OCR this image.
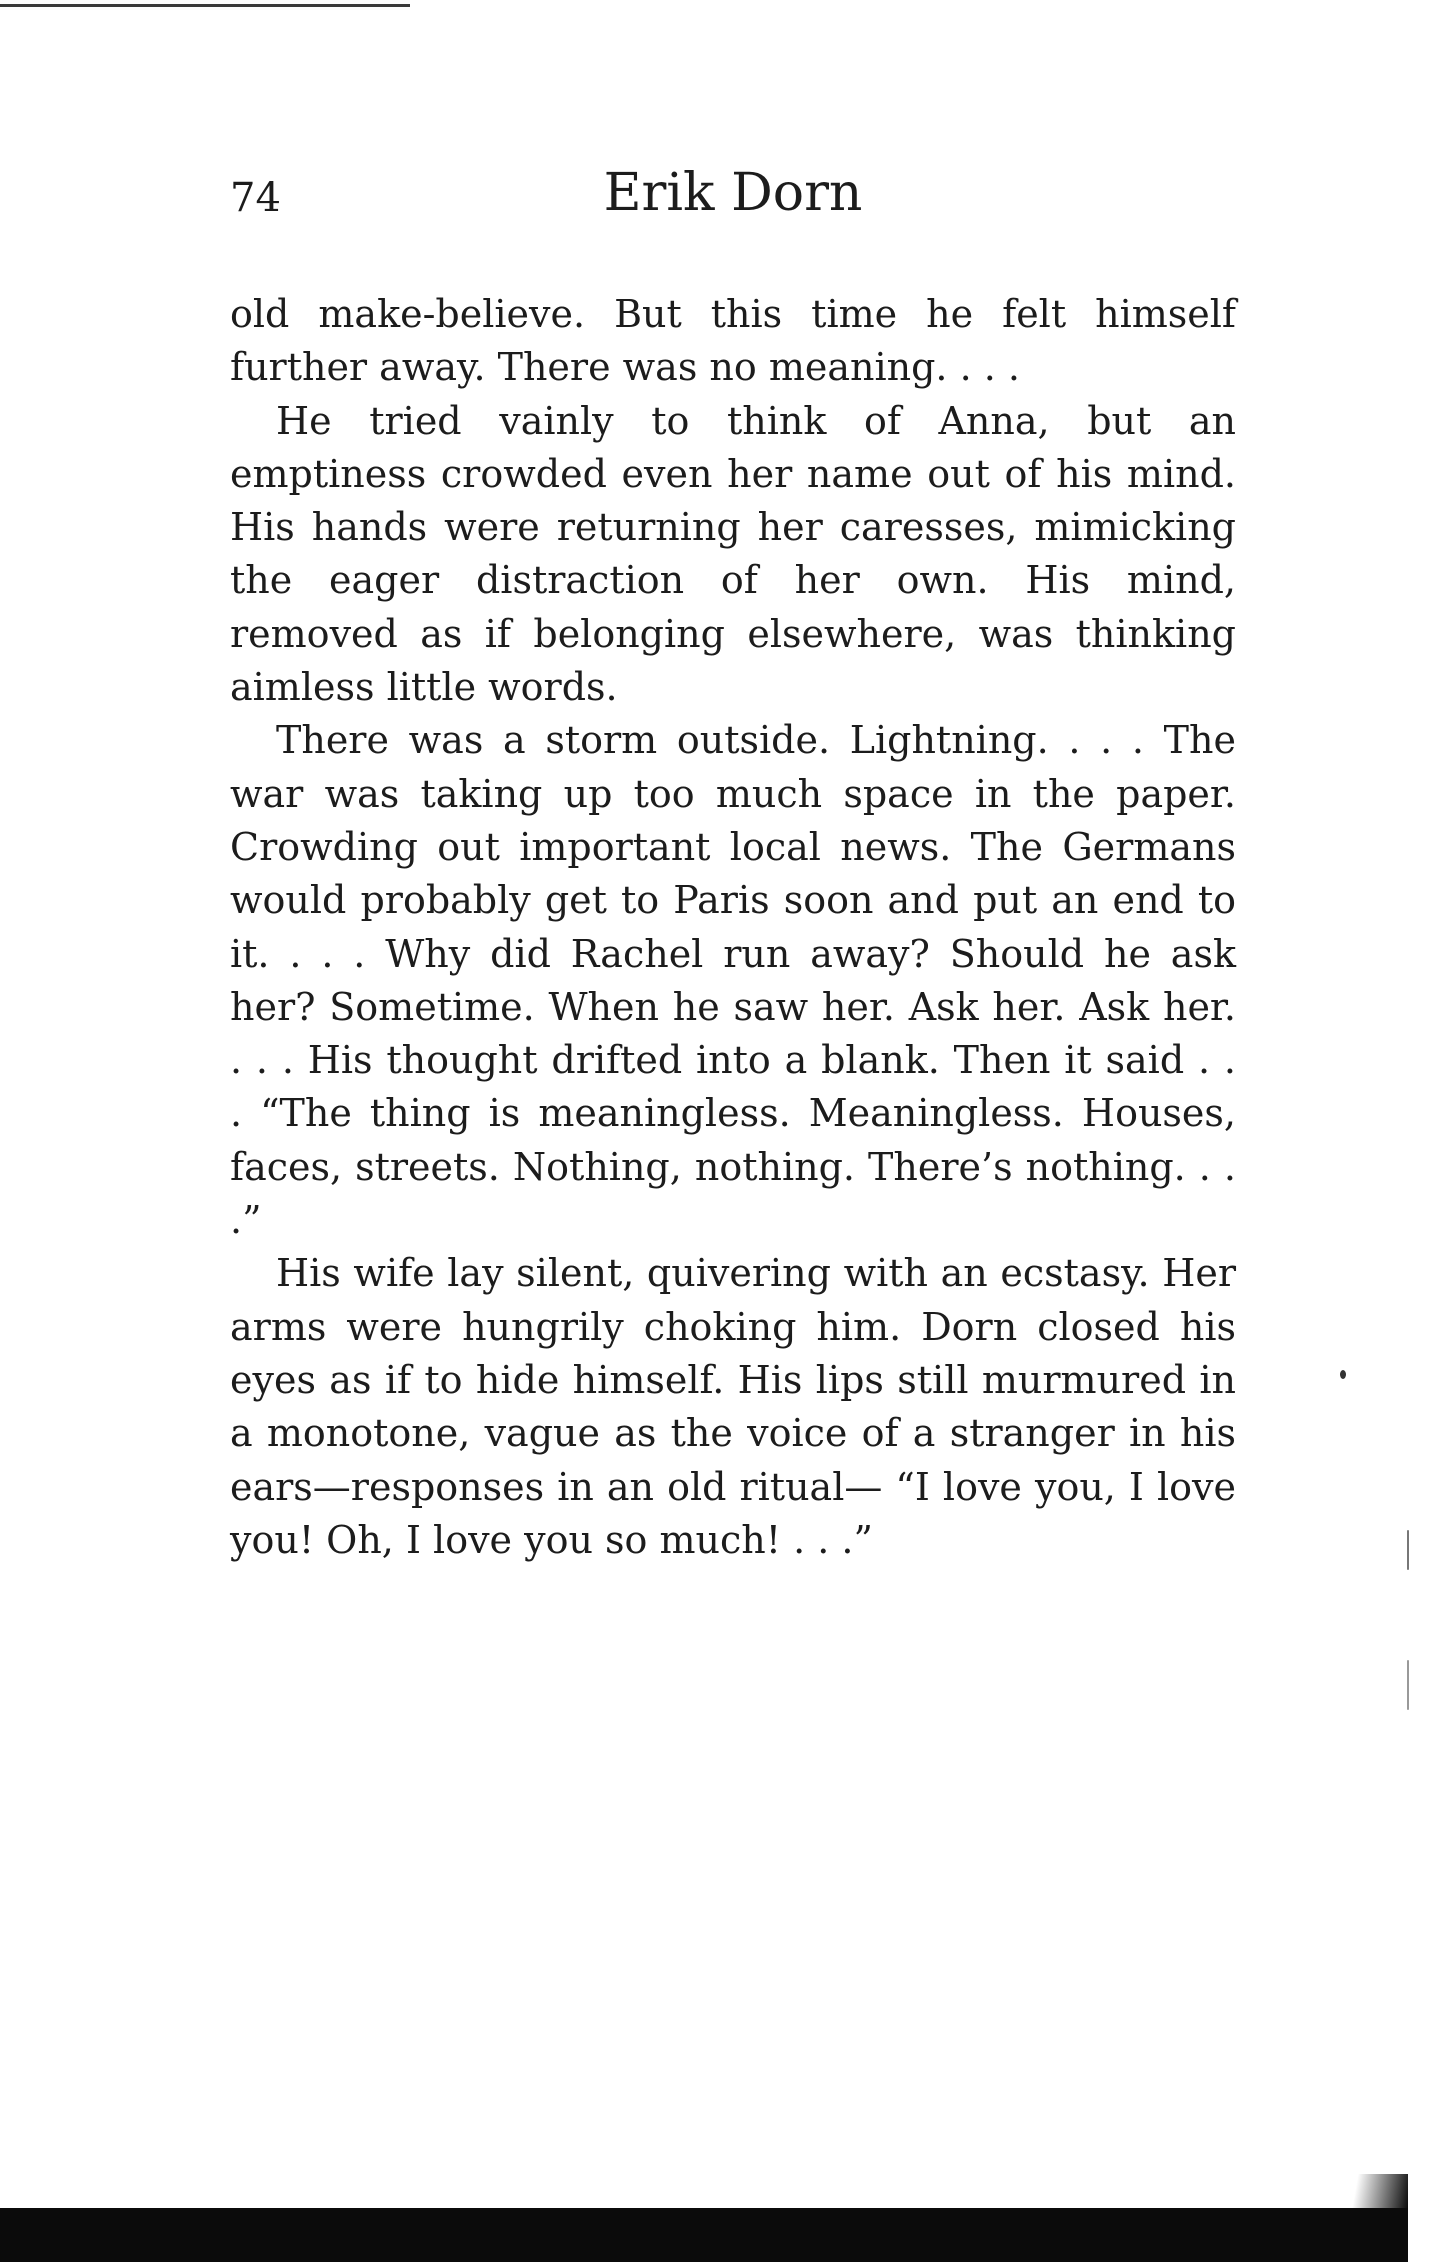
74	Erik Dorn

old make-believe. But this time he felt himself further away. There was no meaning. . . .

He tried vainly to think of Anna, but an emptiness crowded even her name out of his mind. His hands were returning her caresses, mimicking the eager distraction of her own. His mind, removed as if belonging elsewhere, was thinking aimless little words.

There was a storm outside. Lightning. . . . The war was taking up too much space in the paper. Crowding out important local news. The Germans would probably get to Paris soon and put an end to it. . . . Why did Rachel run away? Should he ask her? Sometime. When he saw her. Ask her. Ask her. . . . His thought drifted into a blank. Then it said . . . “The thing is meaningless. Meaningless. Houses, faces, streets. Nothing, nothing. There’s nothing. . . .”

His wife lay silent, quivering with an ecstasy. Her arms were hungrily choking him. Dorn closed his eyes as if to hide himself. His lips still murmured in a monotone, vague as the voice of a stranger in his ears—responses in an old ritual— “I love you, I love you! Oh, I love you so much! . . .”
